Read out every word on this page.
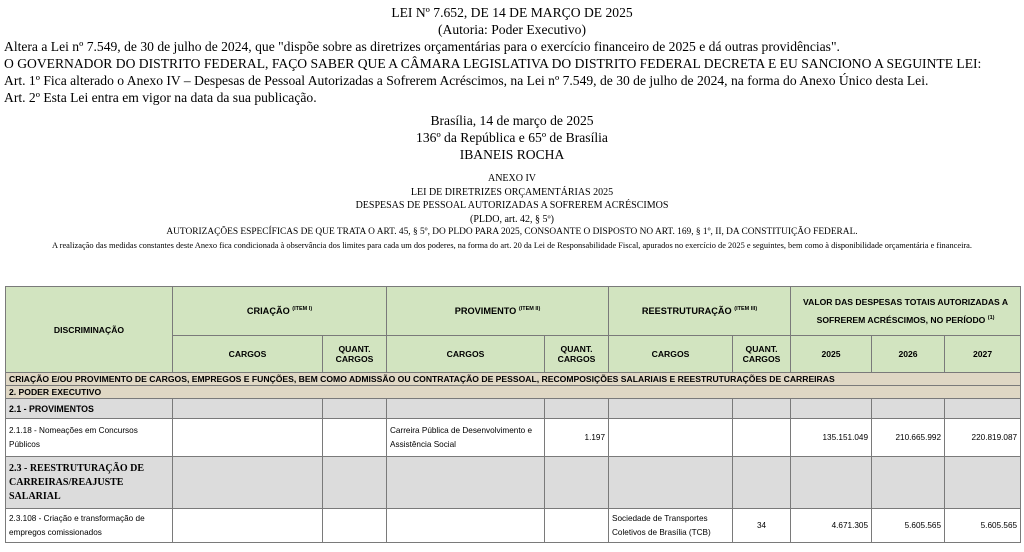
LEI Nº 7.652, DE 14 DE MARÇO DE 2025
(Autoria: Poder Executivo)
Altera a Lei nº 7.549, de 30 de julho de 2024, que "dispõe sobre as diretrizes orçamentárias para o exercício financeiro de 2025 e dá outras providências".
O GOVERNADOR DO DISTRITO FEDERAL, FAÇO SABER QUE A CÂMARA LEGISLATIVA DO DISTRITO FEDERAL DECRETA E EU SANCIONO A SEGUINTE LEI:
Art. 1º Fica alterado o Anexo IV – Despesas de Pessoal Autorizadas a Sofrerem Acréscimos, na Lei nº 7.549, de 30 de julho de 2024, na forma do Anexo Único desta Lei.
Art. 2º Esta Lei entra em vigor na data da sua publicação.
Brasília, 14 de março de 2025
136º da República e 65º de Brasília
IBANEIS ROCHA
ANEXO IV
LEI DE DIRETRIZES ORÇAMENTÁRIAS 2025
DESPESAS DE PESSOAL AUTORIZADAS A SOFREREM ACRÉSCIMOS
(PLDO, art. 42, § 5º)
AUTORIZAÇÕES ESPECÍFICAS DE QUE TRATA O ART. 45, § 5º, DO PLDO PARA 2025, CONSOANTE O DISPOSTO NO ART. 169, § 1º, II, DA CONSTITUIÇÃO FEDERAL.
A realização das medidas constantes deste Anexo fica condicionada à observância dos limites para cada um dos poderes, na forma do art. 20 da Lei de Responsabilidade Fiscal, apurados no exercício de 2025 e seguintes, bem como à disponibilidade orçamentária e financeira.
DISCRIMINAÇÃO	CRIAÇÃO $^{(ITEM I)}$		PROVIMENTO $^{(ITEM II)}$		REESTRUTURAÇÃO $^{(ITEM III)}$		VALOR DAS DESPESAS TOTAIS AUTORIZADAS A SOFREREM ACRÉSCIMOS, NO PERÍODO $^{(1)}$
	CARGOS	QUANT. CARGOS	CARGOS	QUANT. CARGOS	CARGOS	QUANT. CARGOS	2025	2026	2027
CRIAÇÃO E/OU PROVIMENTO DE CARGOS, EMPREGOS E FUNÇÕES, BEM COMO ADMISSÃO OU CONTRATAÇÃO DE PESSOAL, RECOMPOSIÇÕES SALARIAIS E REESTRUTURAÇÕES DE CARREIRAS									
2. PODER EXECUTIVO									
2.1 - PROVIMENTOS									
2.1.18 - Nomeações em Concursos Públicos			Carreira Pública de Desenvolvimento e Assistência Social	1.197			135.151.049	210.665.992	220.819.087
2.3 - REESTRUTURAÇÃO DE CARREIRAS/REAJUSTE SALARIAL									
2.3.108 - Criação e transformação de empregos comissionados					Sociedade de Transportes Coletivos de Brasília (TCB)	34	4.671.305	5.605.565	5.605.565
